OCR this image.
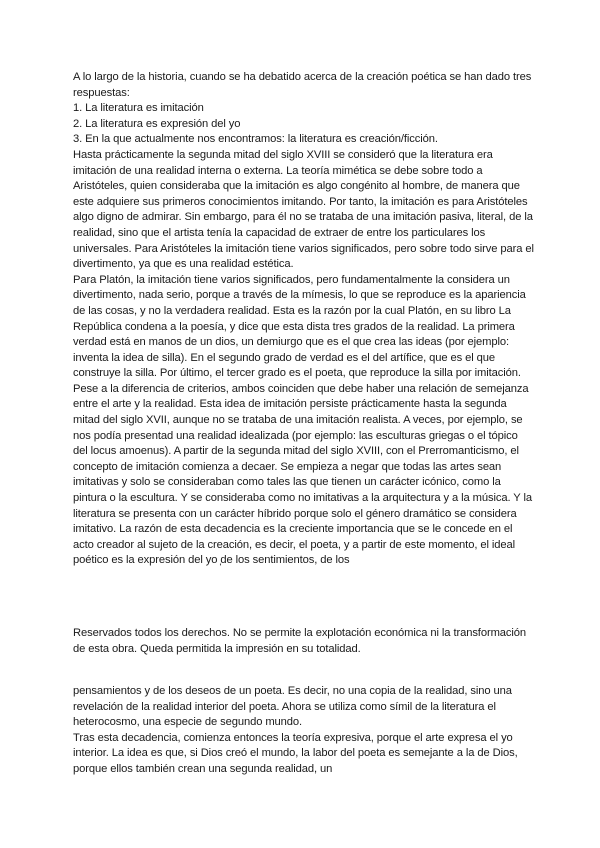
A lo largo de la historia, cuando se ha debatido acerca de la creación poética se han dado tres respuestas:

1. La literatura es imitación

2. La literatura es expresión del yo

3. En la que actualmente nos encontramos: la literatura es creación/ficción.

Hasta prácticamente la segunda mitad del siglo XVIII se consideró que la literatura era imitación de una realidad interna o externa. La teoría mimética se debe sobre todo a Aristóteles, quien consideraba que la imitación es algo congénito al hombre, de manera que este adquiere sus primeros conocimientos imitando. Por tanto, la imitación es para Aristóteles algo digno de admirar. Sin embargo, para él no se trataba de una imitación pasiva, literal, de la realidad, sino que el artista tenía la capacidad de extraer de entre los particulares los universales. Para Aristóteles la imitación tiene varios significados, pero sobre todo sirve para el divertimento, ya que es una realidad estética.

Para Platón, la imitación tiene varios significados, pero fundamentalmente la considera un divertimento, nada serio, porque a través de la mímesis, lo que se reproduce es la apariencia de las cosas, y no la verdadera realidad. Esta es la razón por la cual Platón, en su libro La República condena a la poesía, y dice que esta dista tres grados de la realidad. La primera verdad está en manos de un dios, un demiurgo que es el que crea las ideas (por ejemplo: inventa la idea de silla). En el segundo grado de verdad es el del artífice, que es el que construye la silla. Por último, el tercer grado es el poeta, que reproduce la silla por imitación.

Pese a la diferencia de criterios, ambos coinciden que debe haber una relación de semejanza entre el arte y la realidad. Esta idea de imitación persiste prácticamente hasta la segunda mitad del siglo XVII, aunque no se trataba de una imitación realista. A veces, por ejemplo, se nos podía presentad una realidad idealizada (por ejemplo: las esculturas griegas o el tópico del locus amoenus). A partir de la segunda mitad del siglo XVIII, con el Prerromanticismo, el concepto de imitación comienza a decaer. Se empieza a negar que todas las artes sean imitativas y solo se consideraban como tales las que tienen un carácter icónico, como la pintura o la escultura. Y se consideraba como no imitativas a la arquitectura y a la música. Y la literatura se presenta con un carácter híbrido porque solo el género dramático se considera imitativo. La razón de esta decadencia es la creciente importancia que se le concede en el acto creador al sujeto de la creación, es decir, el poeta, y a partir de este momento, el ideal poético es la expresión del yo ̦de los sentimientos, de los

Reservados todos los derechos. No se permite la explotación económica ni la transformación de esta obra. Queda permitida la impresión en su totalidad.

pensamientos y de los deseos de un poeta. Es decir, no una copia de la realidad, sino una revelación de la realidad interior del poeta. Ahora se utiliza como símil de la literatura el heterocosmo, una especie de segundo mundo.

Tras esta decadencia, comienza entonces la teoría expresiva, porque el arte expresa el yo interior. La idea es que, si Dios creó el mundo, la labor del poeta es semejante a la de Dios, porque ellos también crean una segunda realidad, un
